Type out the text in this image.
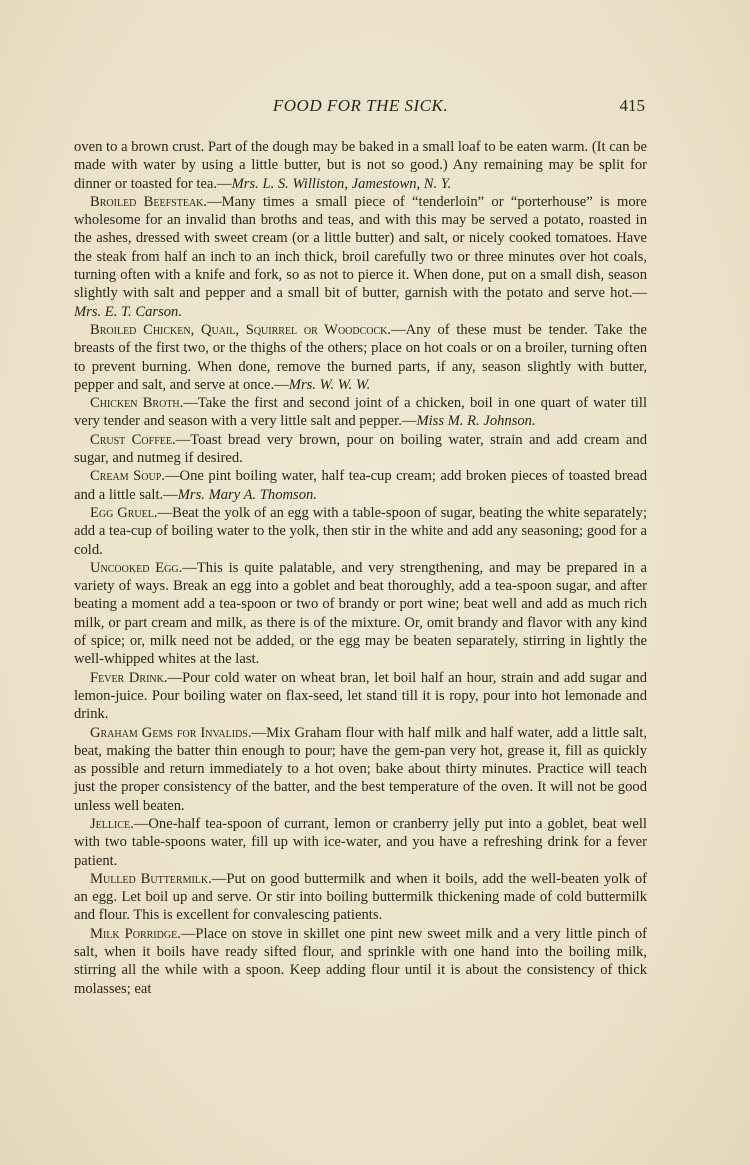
FOOD FOR THE SICK.	415

oven to a brown crust. Part of the dough may be baked in a small loaf to be eaten warm. (It can be made with water by using a little butter, but is not so good.) Any remaining may be split for dinner or toasted for tea.—Mrs. L. S. Williston, Jamestown, N. Y.

Broiled Beefsteak.—Many times a small piece of “tenderloin” or “porterhouse” is more wholesome for an invalid than broths and teas, and with this may be served a potato, roasted in the ashes, dressed with sweet cream (or a little butter) and salt, or nicely cooked tomatoes. Have the steak from half an inch to an inch thick, broil carefully two or three minutes over hot coals, turning often with a knife and fork, so as not to pierce it. When done, put on a small dish, season slightly with salt and pepper and a small bit of butter, garnish with the potato and serve hot.—Mrs. E. T. Carson.

Broiled Chicken, Quail, Squirrel or Woodcock.—Any of these must be tender. Take the breasts of the first two, or the thighs of the others; place on hot coals or on a broiler, turning often to prevent burning. When done, remove the burned parts, if any, season slightly with butter, pepper and salt, and serve at once.—Mrs. W. W. W.

Chicken Broth.—Take the first and second joint of a chicken, boil in one quart of water till very tender and season with a very little salt and pepper.—Miss M. R. Johnson.

Crust Coffee.—Toast bread very brown, pour on boiling water, strain and add cream and sugar, and nutmeg if desired.

Cream Soup.—One pint boiling water, half tea-cup cream; add broken pieces of toasted bread and a little salt.—Mrs. Mary A. Thomson.

Egg Gruel.—Beat the yolk of an egg with a table-spoon of sugar, beating the white separately; add a tea-cup of boiling water to the yolk, then stir in the white and add any seasoning; good for a cold.

Uncooked Egg.—This is quite palatable, and very strengthening, and may be prepared in a variety of ways. Break an egg into a goblet and beat thoroughly, add a tea-spoon sugar, and after beating a moment add a tea-spoon or two of brandy or port wine; beat well and add as much rich milk, or part cream and milk, as there is of the mixture. Or, omit brandy and flavor with any kind of spice; or, milk need not be added, or the egg may be beaten separately, stirring in lightly the well-whipped whites at the last.

Fever Drink.—Pour cold water on wheat bran, let boil half an hour, strain and add sugar and lemon-juice. Pour boiling water on flax-seed, let stand till it is ropy, pour into hot lemonade and drink.

Graham Gems for Invalids.—Mix Graham flour with half milk and half water, add a little salt, beat, making the batter thin enough to pour; have the gem-pan very hot, grease it, fill as quickly as possible and return immediately to a hot oven; bake about thirty minutes. Practice will teach just the proper consistency of the batter, and the best temperature of the oven. It will not be good unless well beaten.

Jellice.—One-half tea-spoon of currant, lemon or cranberry jelly put into a goblet, beat well with two table-spoons water, fill up with ice-water, and you have a refreshing drink for a fever patient.

Mulled Buttermilk.—Put on good buttermilk and when it boils, add the well-beaten yolk of an egg. Let boil up and serve. Or stir into boiling buttermilk thickening made of cold buttermilk and flour. This is excellent for convalescing patients.

Milk Porridge.—Place on stove in skillet one pint new sweet milk and a very little pinch of salt, when it boils have ready sifted flour, and sprinkle with one hand into the boiling milk, stirring all the while with a spoon. Keep adding flour until it is about the consistency of thick molasses; eat
